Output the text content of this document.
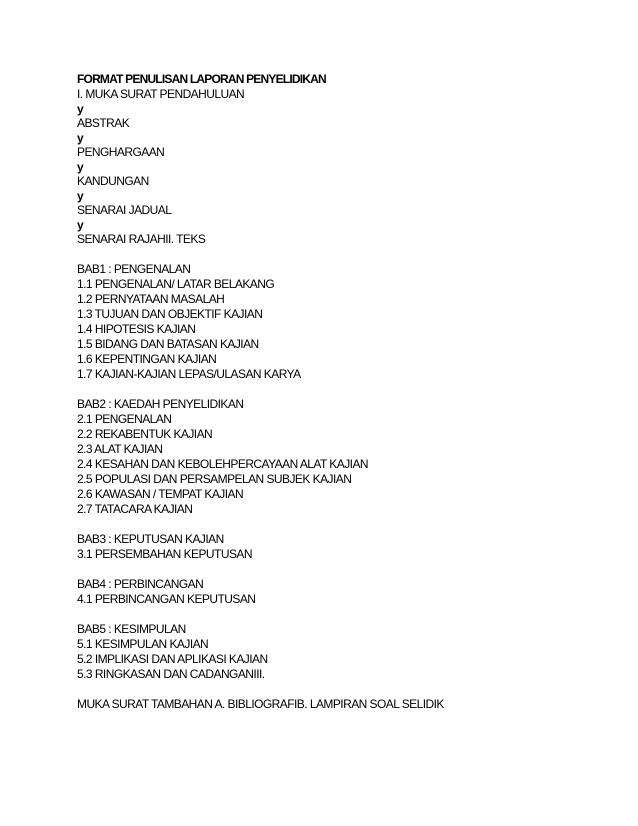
FORMAT PENULISAN LAPORAN PENYELIDIKAN
I. MUKA SURAT PENDAHULUAN
y
ABSTRAK
y
PENGHARGAAN
y
KANDUNGAN
y
SENARAI JADUAL
y
SENARAI RAJAHII. TEKS
BAB1 : PENGENALAN
1.1 PENGENALAN/ LATAR BELAKANG
1.2 PERNYATAAN MASALAH
1.3 TUJUAN DAN OBJEKTIF KAJIAN
1.4 HIPOTESIS KAJIAN
1.5 BIDANG DAN BATASAN KAJIAN
1.6 KEPENTINGAN KAJIAN
1.7 KAJIAN-KAJIAN LEPAS/ULASAN KARYA
BAB2 : KAEDAH PENYELIDIKAN
2.1 PENGENALAN
2.2 REKABENTUK KAJIAN
2.3 ALAT KAJIAN
2.4 KESAHAN DAN KEBOLEHPERCAYAAN ALAT KAJIAN
2.5 POPULASI DAN PERSAMPELAN SUBJEK KAJIAN
2.6 KAWASAN / TEMPAT KAJIAN
2.7 TATACARA KAJIAN
BAB3 : KEPUTUSAN KAJIAN
3.1 PERSEMBAHAN KEPUTUSAN
BAB4 : PERBINCANGAN
4.1 PERBINCANGAN KEPUTUSAN
BAB5 : KESIMPULAN
5.1 KESIMPULAN KAJIAN
5.2 IMPLIKASI DAN APLIKASI KAJIAN
5.3 RINGKASAN DAN CADANGANIII.
MUKA SURAT TAMBAHAN A. BIBLIOGRAFIB. LAMPIRAN SOAL SELIDIK
